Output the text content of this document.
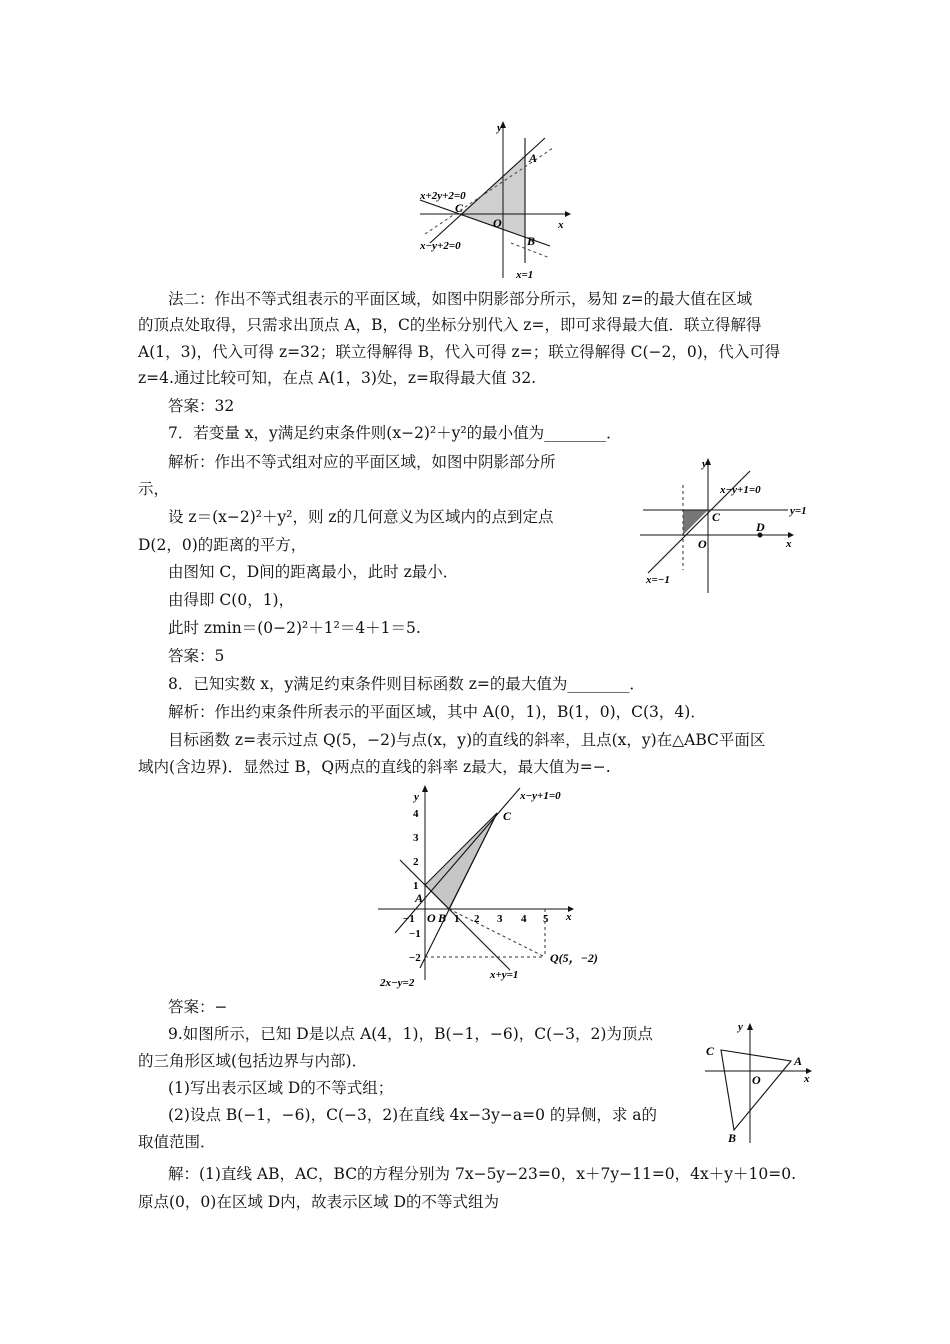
y
x
A
B
C
O
x+2y+2=0
x−y+2=0
x=1
法二：作出不等式组表示的平面区域，如图中阴影部分所示，易知 z=的最大值在区域
的顶点处取得，只需求出顶点 A，B，C的坐标分别代入 z=，即可求得最大值．联立得解得
A(1，3)，代入可得 z=32；联立得解得 B，代入可得 z=；联立得解得 C(−2，0)，代入可得
z=4.通过比较可知，在点 A(1，3)处，z=取得最大值 32.
答案：32
7．若变量 x，y满足约束条件则(x−2)²＋y²的最小值为________．
解析：作出不等式组对应的平面区域，如图中阴影部分所
示，
设 z＝(x−2)²＋y²，则 z的几何意义为区域内的点到定点
D(2，0)的距离的平方，
由图知 C，D间的距离最小，此时 z最小．
由得即 C(0，1)，
此时 zmin＝(0−2)²＋1²＝4＋1＝5.
答案：5
y
x
C
D
O
x−y+1=0
y=1
x=−1
8．已知实数 x，y满足约束条件则目标函数 z=的最大值为________．
解析：作出约束条件所表示的平面区域，其中 A(0，1)，B(1，0)，C(3，4)．
目标函数 z=表示过点 Q(5，−2)与点(x，y)的直线的斜率，且点(x，y)在△ABC平面区
域内(含边界)．显然过 B，Q两点的直线的斜率 z最大，最大值为=−.
y
x
−1	1 2 3 4 5
4
3
2
1
−1
−2
A
B
C
O
Q(5，−2)
x−y+1=0
x+y=1
2x−y=2
答案：−
9.如图所示，已知 D是以点 A(4，1)，B(−1，−6)，C(−3，2)为顶点
的三角形区域(包括边界与内部)．
(1)写出表示区域 D的不等式组；
(2)设点 B(−1，−6)，C(−3，2)在直线 4x−3y−a=0 的异侧，求 a的
取值范围．
解：(1)直线 AB，AC，BC的方程分别为 7x−5y−23=0，x＋7y−11=0，4x＋y＋10=0.
原点(0，0)在区域 D内，故表示区域 D的不等式组为
y
x
A
B
C
O
